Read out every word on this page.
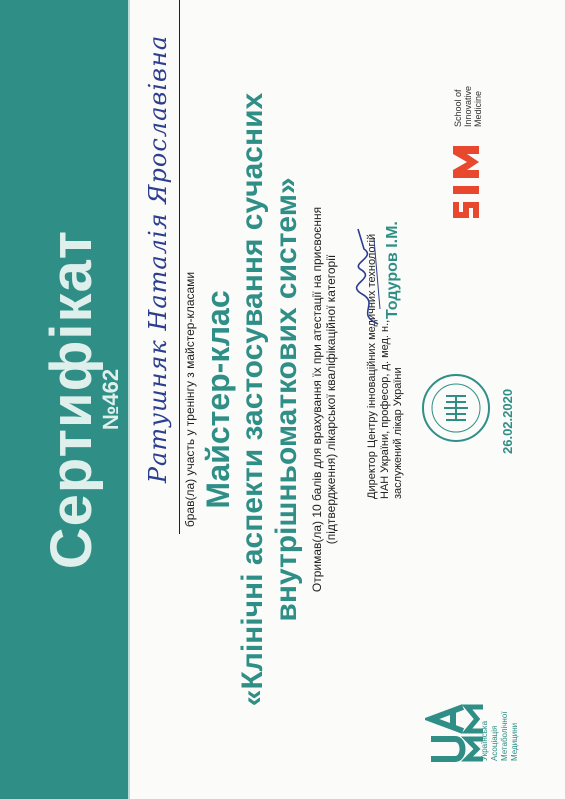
Сертифікат
№462 Ратушняк Наталія Ярославівна брав(ла) участь у тренінгу з майстер-класами Майстер-клас «Клінічні аспекти застосування сучасних внутрішньоматкових систем» Отримав(ла) 10 балів для врахування їх при атестації на присвоєння (підтвердження) лікарської кваліфікаційної категорії	Директор Центру інноваційних медичних технологій НАН України, професор, д. мед. н., заслужений лікар України
Тодуров І.М.
26.02.2020
Українська Асоціація Метаболічної Медицини
School of Innovative Medicine
